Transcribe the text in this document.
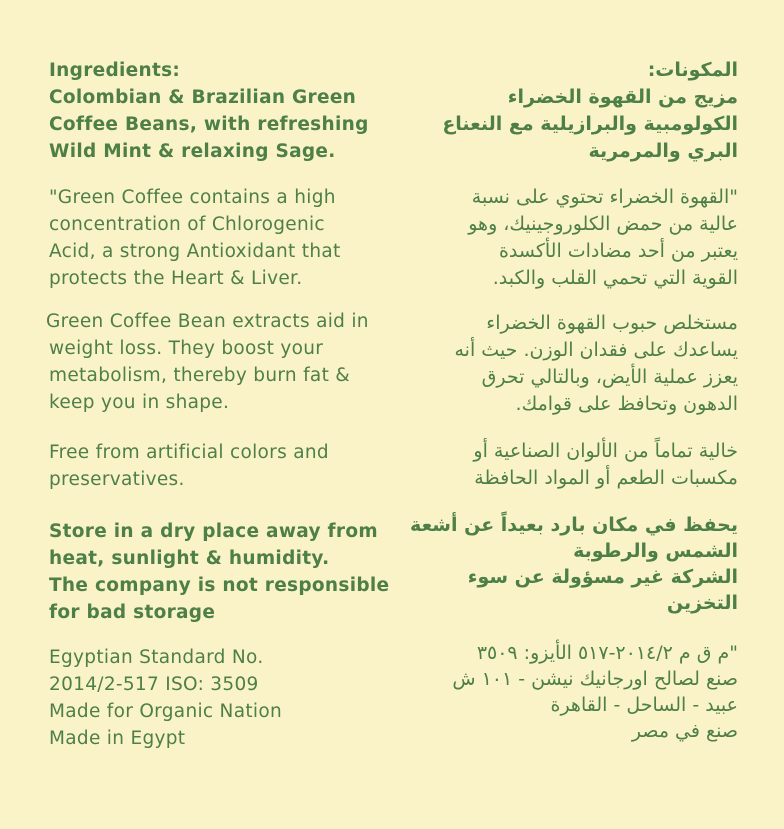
Ingredients:
Colombian & Brazilian Green
Coffee Beans, with refreshing
Wild Mint & relaxing Sage.

"Green Coffee contains a high
concentration of Chlorogenic
Acid, a strong Antioxidant that
protects the Heart & Liver.

Green Coffee Bean extracts aid in
weight loss. They boost your
metabolism, thereby burn fat &
keep you in shape.

Free from artificial colors and
preservatives.

Store in a dry place away from
heat, sunlight & humidity.
The company is not responsible
for bad storage

Egyptian Standard No.
2014/2-517 ISO: 3509
Made for Organic Nation
Made in Egypt

المكونات:
مزيج من القهوة الخضراء
الكولومبية والبرازيلية مع النعناع
البري والمرمرية

"القهوة الخضراء تحتوي على نسبة
عالية من حمض الكلوروجينيك، وهو
يعتبر من أحد مضادات الأكسدة
القوية التي تحمي القلب والكبد.

مستخلص حبوب القهوة الخضراء
يساعدك على فقدان الوزن. حيث أنه
يعزز عملية الأيض، وبالتالي تحرق
الدهون وتحافظ على قوامك.

خالية تماماً من الألوان الصناعية أو
مكسبات الطعم أو المواد الحافظة

يحفظ في مكان بارد بعيداً عن أشعة
الشمس والرطوبة
الشركة غير مسؤولة عن سوء
التخزين

"م ق م ٢٠١٤/٢-٥١٧ الأيزو: ٣٥٠٩
صنع لصالح اورجانيك نيشن - ١٠١ ش
عبيد - الساحل - القاهرة
صنع في مصر
